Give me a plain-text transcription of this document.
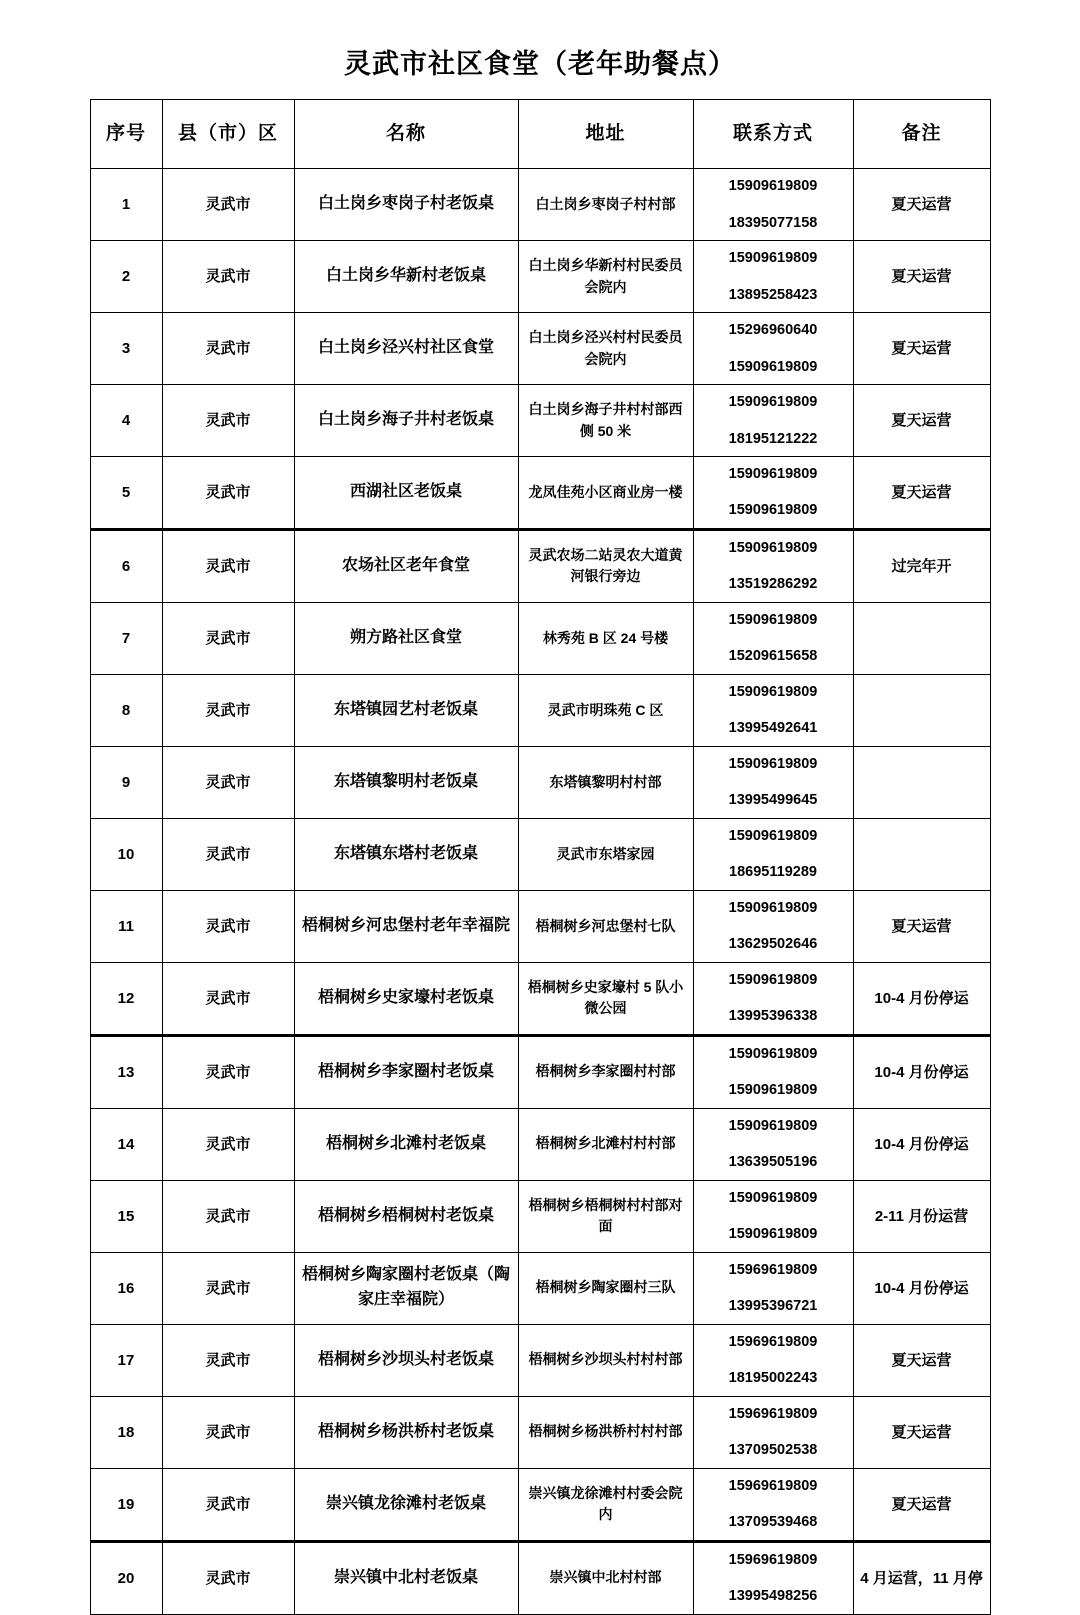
灵武市社区食堂（老年助餐点）
序号	县（市）区	名称	地址	联系方式	备注
1	灵武市	白土岗乡枣岗子村老饭桌	白土岗乡枣岗子村村部	15909619809
18395077158	夏天运营
2	灵武市	白土岗乡华新村老饭桌	白土岗乡华新村村民委员会院内	15909619809
13895258423	夏天运营
3	灵武市	白土岗乡泾兴村社区食堂	白土岗乡泾兴村村民委员会院内	15296960640
15909619809	夏天运营
4	灵武市	白土岗乡海子井村老饭桌	白土岗乡海子井村村部西侧 50 米	15909619809
18195121222	夏天运营
5	灵武市	西湖社区老饭桌	龙凤佳苑小区商业房一楼	15909619809
15909619809	夏天运营
6	灵武市	农场社区老年食堂	灵武农场二站灵农大道黄河银行旁边	15909619809
13519286292	过完年开
7	灵武市	朔方路社区食堂	林秀苑 B 区 24 号楼	15909619809
15209615658	

8	灵武市	东塔镇园艺村老饭桌	灵武市明珠苑 C 区	15909619809
13995492641	

9	灵武市	东塔镇黎明村老饭桌	东塔镇黎明村村部	15909619809
13995499645	

10	灵武市	东塔镇东塔村老饭桌	灵武市东塔家园	15909619809
18695119289	

11	灵武市	梧桐树乡河忠堡村老年幸福院	梧桐树乡河忠堡村七队	15909619809
13629502646	夏天运营
12	灵武市	梧桐树乡史家壕村老饭桌	梧桐树乡史家壕村 5 队小微公园	15909619809
13995396338	10-4 月份停运
13	灵武市	梧桐树乡李家圈村老饭桌	梧桐树乡李家圈村村部	15909619809
15909619809	10-4 月份停运
14	灵武市	梧桐树乡北滩村老饭桌	梧桐树乡北滩村村村部	15909619809
13639505196	10-4 月份停运
15	灵武市	梧桐树乡梧桐树村老饭桌	梧桐树乡梧桐树村村部对面	15909619809
15909619809	2-11 月份运营
16	灵武市	梧桐树乡陶家圈村老饭桌（陶家庄幸福院）	梧桐树乡陶家圈村三队	15969619809
13995396721	10-4 月份停运
17	灵武市	梧桐树乡沙坝头村老饭桌	梧桐树乡沙坝头村村村部	15969619809
18195002243	夏天运营
18	灵武市	梧桐树乡杨洪桥村老饭桌	梧桐树乡杨洪桥村村村部	15969619809
13709502538	夏天运营
19	灵武市	崇兴镇龙徐滩村老饭桌	崇兴镇龙徐滩村村委会院内	15969619809
13709539468	夏天运营
20	灵武市	崇兴镇中北村老饭桌	崇兴镇中北村村部	15969619809
13995498256	4 月运营，11 月停
